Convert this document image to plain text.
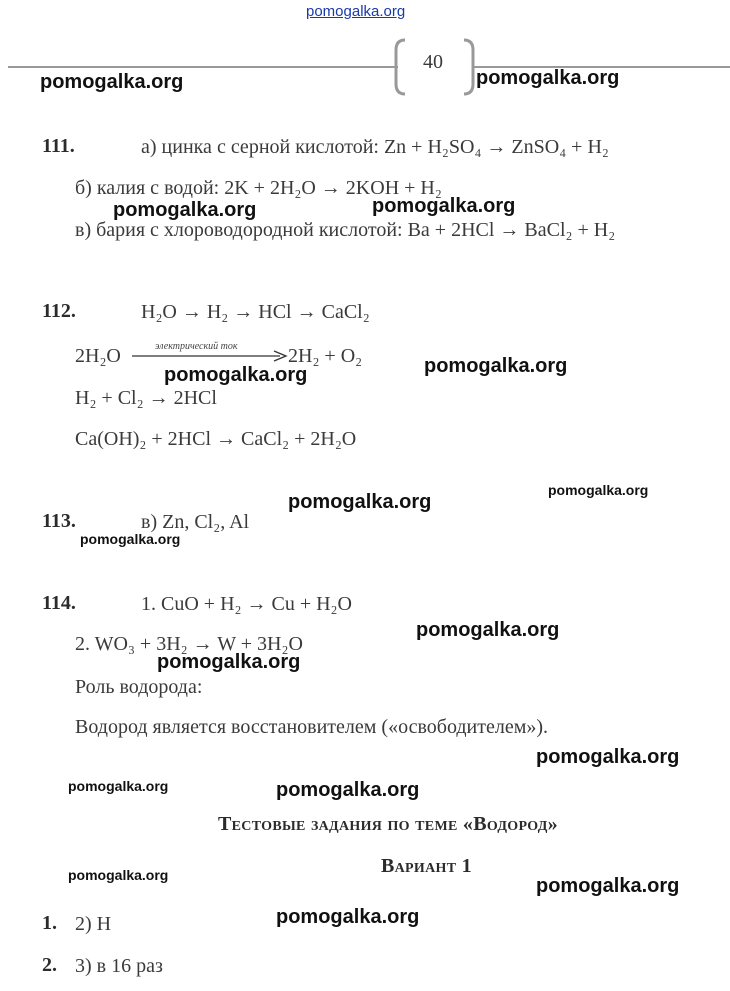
pomogalka.org
40
pomogalka.org	pomogalka.org
111.	а) цинка с серной кислотой: Zn + H₂SO₄ → ZnSO₄ + H₂
б) калия с водой: 2K + 2H₂O → 2KOH + H₂
pomogalka.org	pomogalka.org
в) бария с хлороводородной кислотой: Ba + 2HCl → BaCl₂ + H₂
112.	H₂O → H₂ → HCl → CaCl₂
2H₂O	электрический ток	2H₂ + O₂
pomogalka.org	pomogalka.org
H₂ + Cl₂ → 2HCl
Ca(OH)₂ + 2HCl → CaCl₂ + 2H₂O
pomogalka.org
pomogalka.org
113.	в) Zn, Cl₂, Al
pomogalka.org
114.	1. CuO + H₂ → Cu + H₂O
pomogalka.org
2. WO₃ + 3H₂ → W + 3H₂O
pomogalka.org
Роль водорода:
Водород является восстановителем («освободителем»).
pomogalka.org
pomogalka.org	pomogalka.org
Тестовые задания по теме «Водород»
Вариант 1
pomogalka.org	pomogalka.org
1. 2) H	pomogalka.org
2. 3) в 16 раз
